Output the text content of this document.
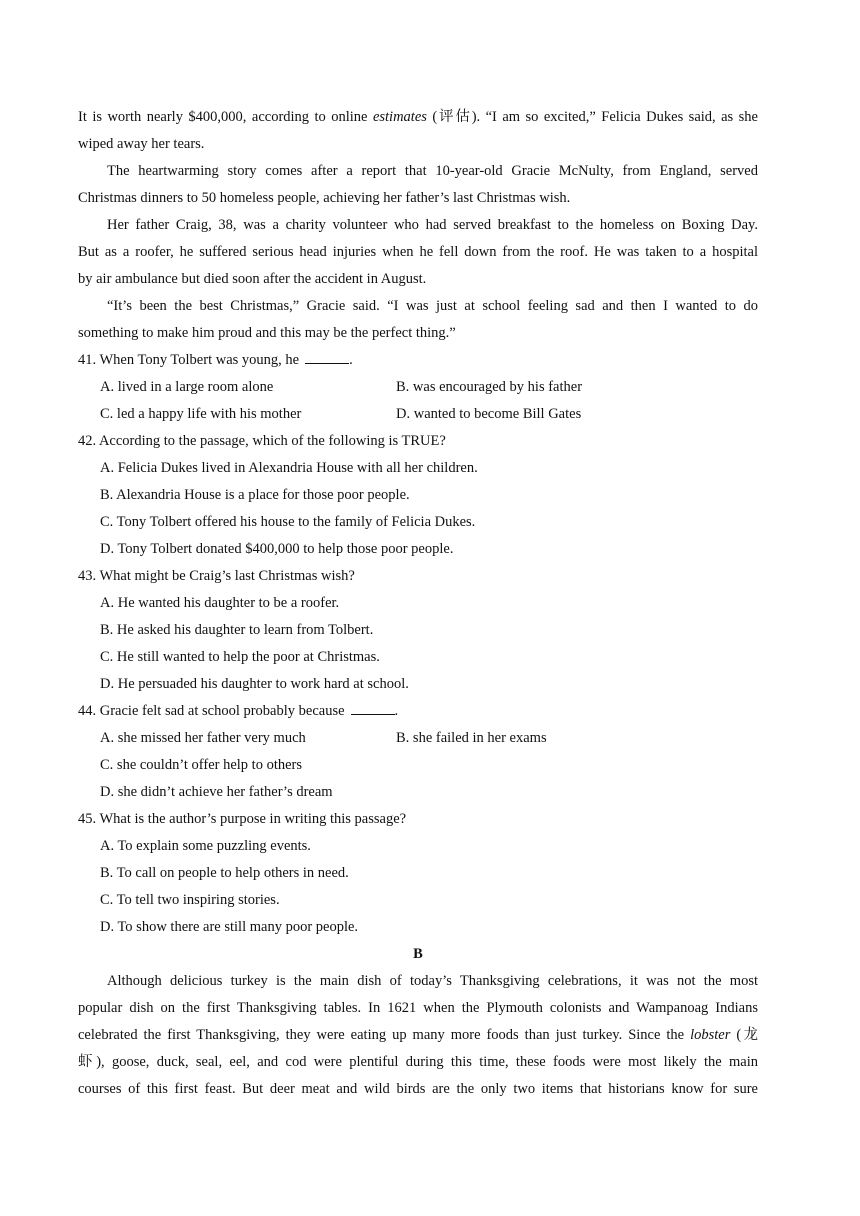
It is worth nearly $400,000, according to online estimates (评估). “I am so excited,” Felicia Dukes said, as she
wiped away her tears.
The heartwarming story comes after a report that 10-year-old Gracie McNulty, from England, served
Christmas dinners to 50 homeless people, achieving her father’s last Christmas wish.
Her father Craig, 38, was a charity volunteer who had served breakfast to the homeless on Boxing Day.
But as a roofer, he suffered serious head injuries when he fell down from the roof. He was taken to a hospital
by air ambulance but died soon after the accident in August.
“It’s been the best Christmas,” Gracie said. “I was just at school feeling sad and then I wanted to do
something to make him proud and this may be the perfect thing.”
41. When Tony Tolbert was young, he	.
A. lived in a large room alone	B. was encouraged by his father
C. led a happy life with his mother	D. wanted to become Bill Gates
42. According to the passage, which of the following is TRUE?
A. Felicia Dukes lived in Alexandria House with all her children.
B. Alexandria House is a place for those poor people.
C. Tony Tolbert offered his house to the family of Felicia Dukes.
D. Tony Tolbert donated $400,000 to help those poor people.
43. What might be Craig’s last Christmas wish?
A. He wanted his daughter to be a roofer.
B. He asked his daughter to learn from Tolbert.
C. He still wanted to help the poor at Christmas.
D. He persuaded his daughter to work hard at school.
44. Gracie felt sad at school probably because	.
A. she missed her father very much	B. she failed in her exams
C. she couldn’t offer help to others
D. she didn’t achieve her father’s dream
45. What is the author’s purpose in writing this passage?
A. To explain some puzzling events.
B. To call on people to help others in need.
C. To tell two inspiring stories.
D. To show there are still many poor people.
B
Although delicious turkey is the main dish of today’s Thanksgiving celebrations, it was not the most
popular dish on the first Thanksgiving tables. In 1621 when the Plymouth colonists and Wampanoag Indians
celebrated the first Thanksgiving, they were eating up many more foods than just turkey. Since the lobster (龙
虾), goose, duck, seal, eel, and cod were plentiful during this time, these foods were most likely the main
courses of this first feast. But deer meat and wild birds are the only two items that historians know for sure
